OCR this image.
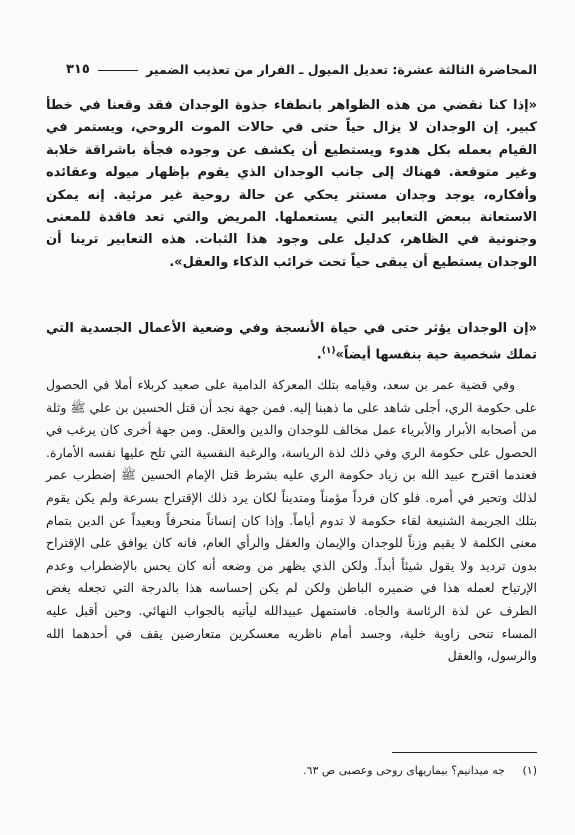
المحاضرة الثالثة عشرة: تعديل الميول ـ الفرار من تعذيب الضمير
٣١٥
«إذا كنا نقضي من هذه الظواهر بانطفاء جذوة الوجدان فقد وقعنا في خطأ كبير. إن الوجدان لا يزال حياً حتى في حالات الموت الروحي، ويستمر في القيام بعمله بكل هدوء ويستطيع أن يكشف عن وجوده فجأة باشراقة خلابة وغير متوقعة. فهناك إلى جانب الوجدان الذي يقوم بإظهار ميوله وعقائده وأفكاره، يوجد وجدان مستتر يحكي عن حالة روحية غير مرئية. إنه يمكن الاستعانة ببعض التعابير التي يستعملها. المريض والتي تعد فاقدة للمعنى وجنونية في الظاهر، كدليل على وجود هذا الثبات. هذه التعابير ترينا أن الوجدان يستطيع أن يبقى حياً تحت خرائب الذكاء والعقل».
«إن الوجدان يؤثر حتى في حياة الأنسجة وفي وضعية الأعمال الجسدية التي تملك شخصية حية بنفسها أيضاً»$^{(١)}$.

وفي قضية عمر بن سعد، وقيامه بتلك المعركة الدامية على صعيد كربلاء أملا في الحصول على حكومة الري، أجلى شاهد على ما ذهبنا إليه. فمن جهة نجد أن قتل الحسين بن علي ﷺ وثلة من أصحابه الأبرار والأبرياء عمل مخالف للوجدان والدين والعقل. ومن جهة أخرى كان يرغب في الحصول على حكومة الري وفي ذلك لذة الرياسة، والرغبة النفسية التي تلح عليها نفسه الأمارة. فعندما اقترح عبيد الله بن زياد حكومة الري عليه بشرط قتل الإمام الحسين ﷺ إضطرب عمر لذلك وتحير في أمره. فلو كان فرداً مؤمناً ومتديناً لكان يرد ذلك الإقتراح بسرعة ولم يكن يقوم بتلك الجريمة الشنيعة لقاء حكومة لا تدوم أياماً. وإذا كان إنساناً منحرفاً وبعيداً عن الدين بتمام معنى الكلمة لا يقيم وزناً للوجدان والإيمان والعقل والرأي العام، فانه كان يوافق على الإقتراح بدون ترديد ولا يقول شيئاً أبداً. ولكن الذي يظهر من وضعه أنه كان يحس بالإضطراب وعدم الإرتياح لعمله هذا في ضميره الباطن ولكن لم يكن إحساسه هذا بالدرجة التي تجعله يغض الطرف عن لذة الرئاسة والجاه. فاستمهل عبيدالله ليأتيه بالجواب النهائي. وحين أقبل عليه المساء تنحى زاوية خلية، وجسد أمام ناظريه معسكرين متعارضين يقف في أحدهما الله والرسول، والعقل

(١) جه ميدانيم؟ بيماريهاى روحى وعصبى ص ٦٣.
